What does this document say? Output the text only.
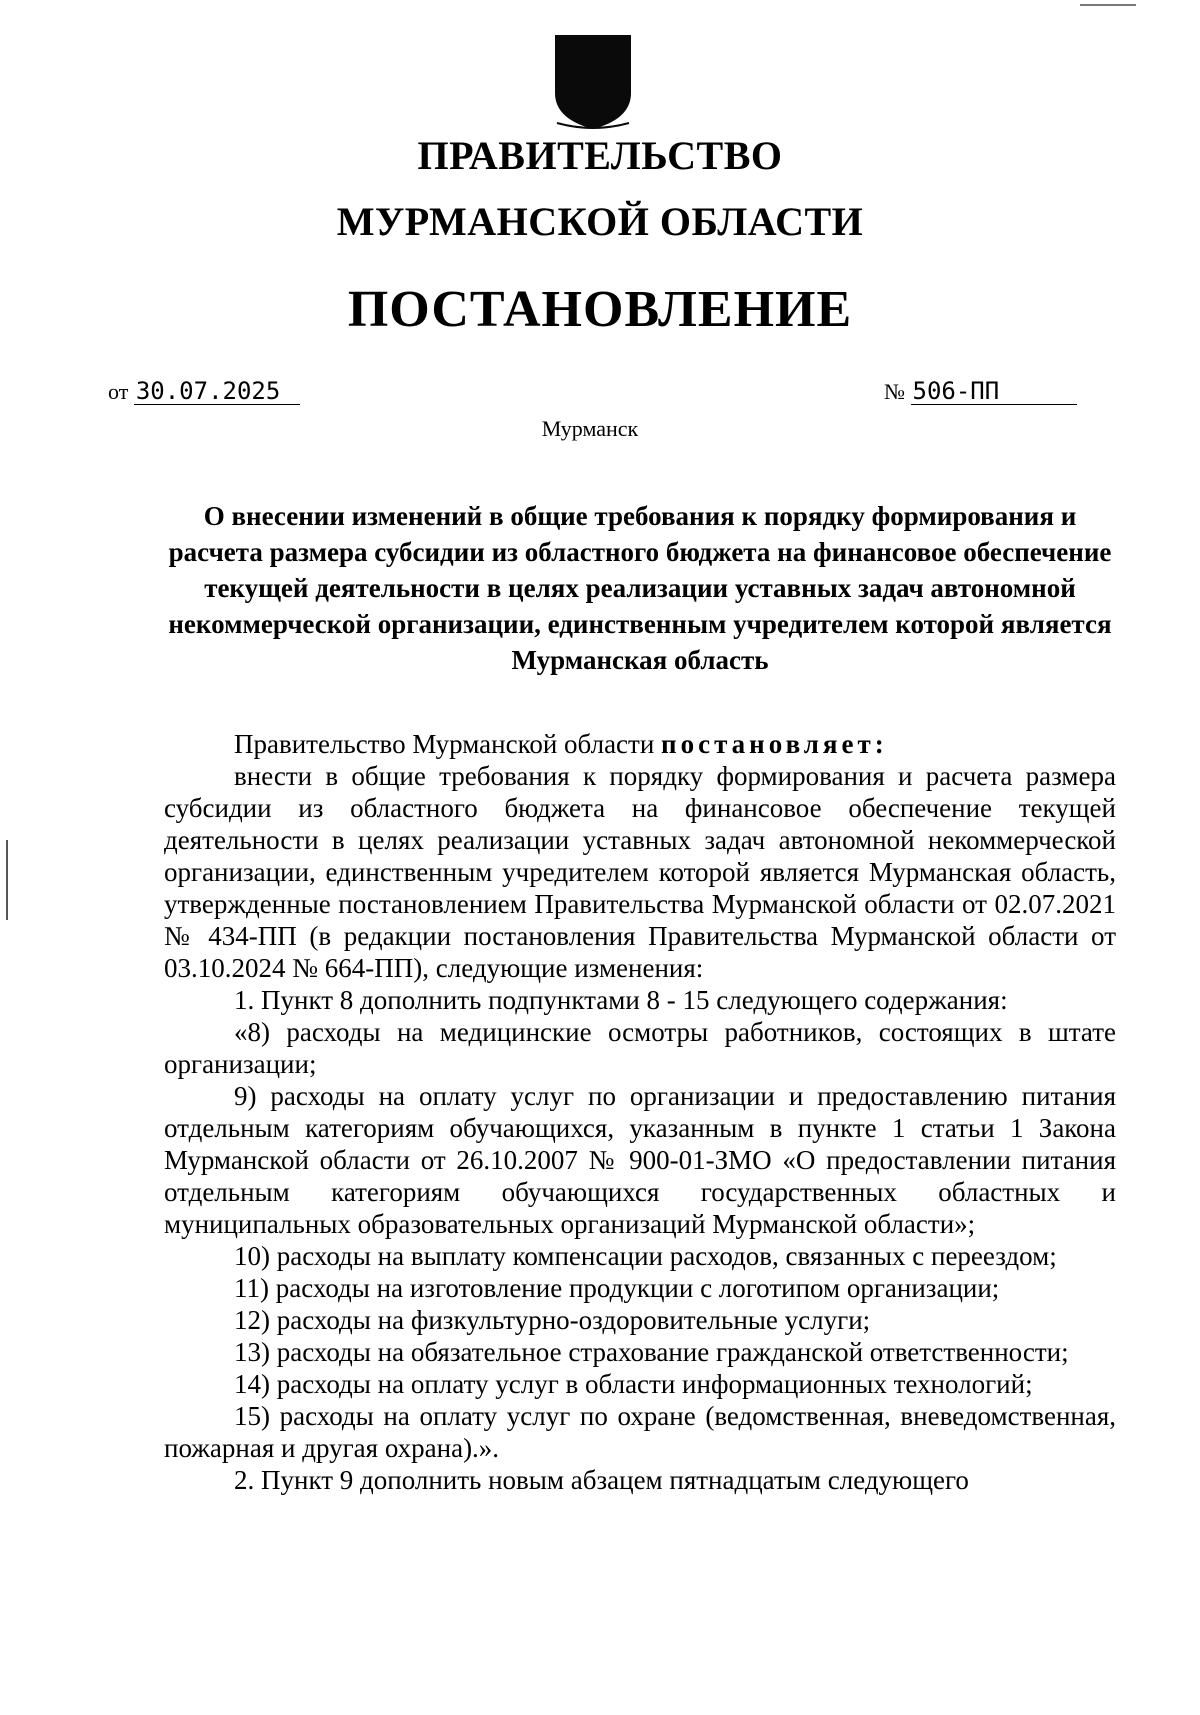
ПРАВИТЕЛЬСТВО
МУРМАНСКОЙ ОБЛАСТИ
ПОСТАНОВЛЕНИЕ
от 30.07.2025	№ 506-ПП
Мурманск
О внесении изменений в общие требования к порядку формирования и расчета размера субсидии из областного бюджета на финансовое обеспечение текущей деятельности в целях реализации уставных задач автономной некоммерческой организации, единственным учредителем которой является Мурманская область

Правительство Мурманской области постановляет:

внести в общие требования к порядку формирования и расчета размера субсидии из областного бюджета на финансовое обеспечение текущей деятельности в целях реализации уставных задач автономной некоммерческой организации, единственным учредителем которой является Мурманская область, утвержденные постановлением Правительства Мурманской области от 02.07.2021 № 434-ПП (в редакции постановления Правительства Мурманской области от 03.10.2024 № 664-ПП), следующие изменения:

1. Пункт 8 дополнить подпунктами 8 - 15 следующего содержания:

«8) расходы на медицинские осмотры работников, состоящих в штате организации;

9) расходы на оплату услуг по организации и предоставлению питания отдельным категориям обучающихся, указанным в пункте 1 статьи 1 Закона Мурманской области от 26.10.2007 № 900-01-ЗМО «О предоставлении питания отдельным категориям обучающихся государственных областных и муниципальных образовательных организаций Мурманской области»;

10) расходы на выплату компенсации расходов, связанных с переездом;

11) расходы на изготовление продукции с логотипом организации;

12) расходы на физкультурно-оздоровительные услуги;

13) расходы на обязательное страхование гражданской ответственности;

14) расходы на оплату услуг в области информационных технологий;

15) расходы на оплату услуг по охране (ведомственная, вневедомственная, пожарная и другая охрана).».

2. Пункт 9 дополнить новым абзацем пятнадцатым следующего
